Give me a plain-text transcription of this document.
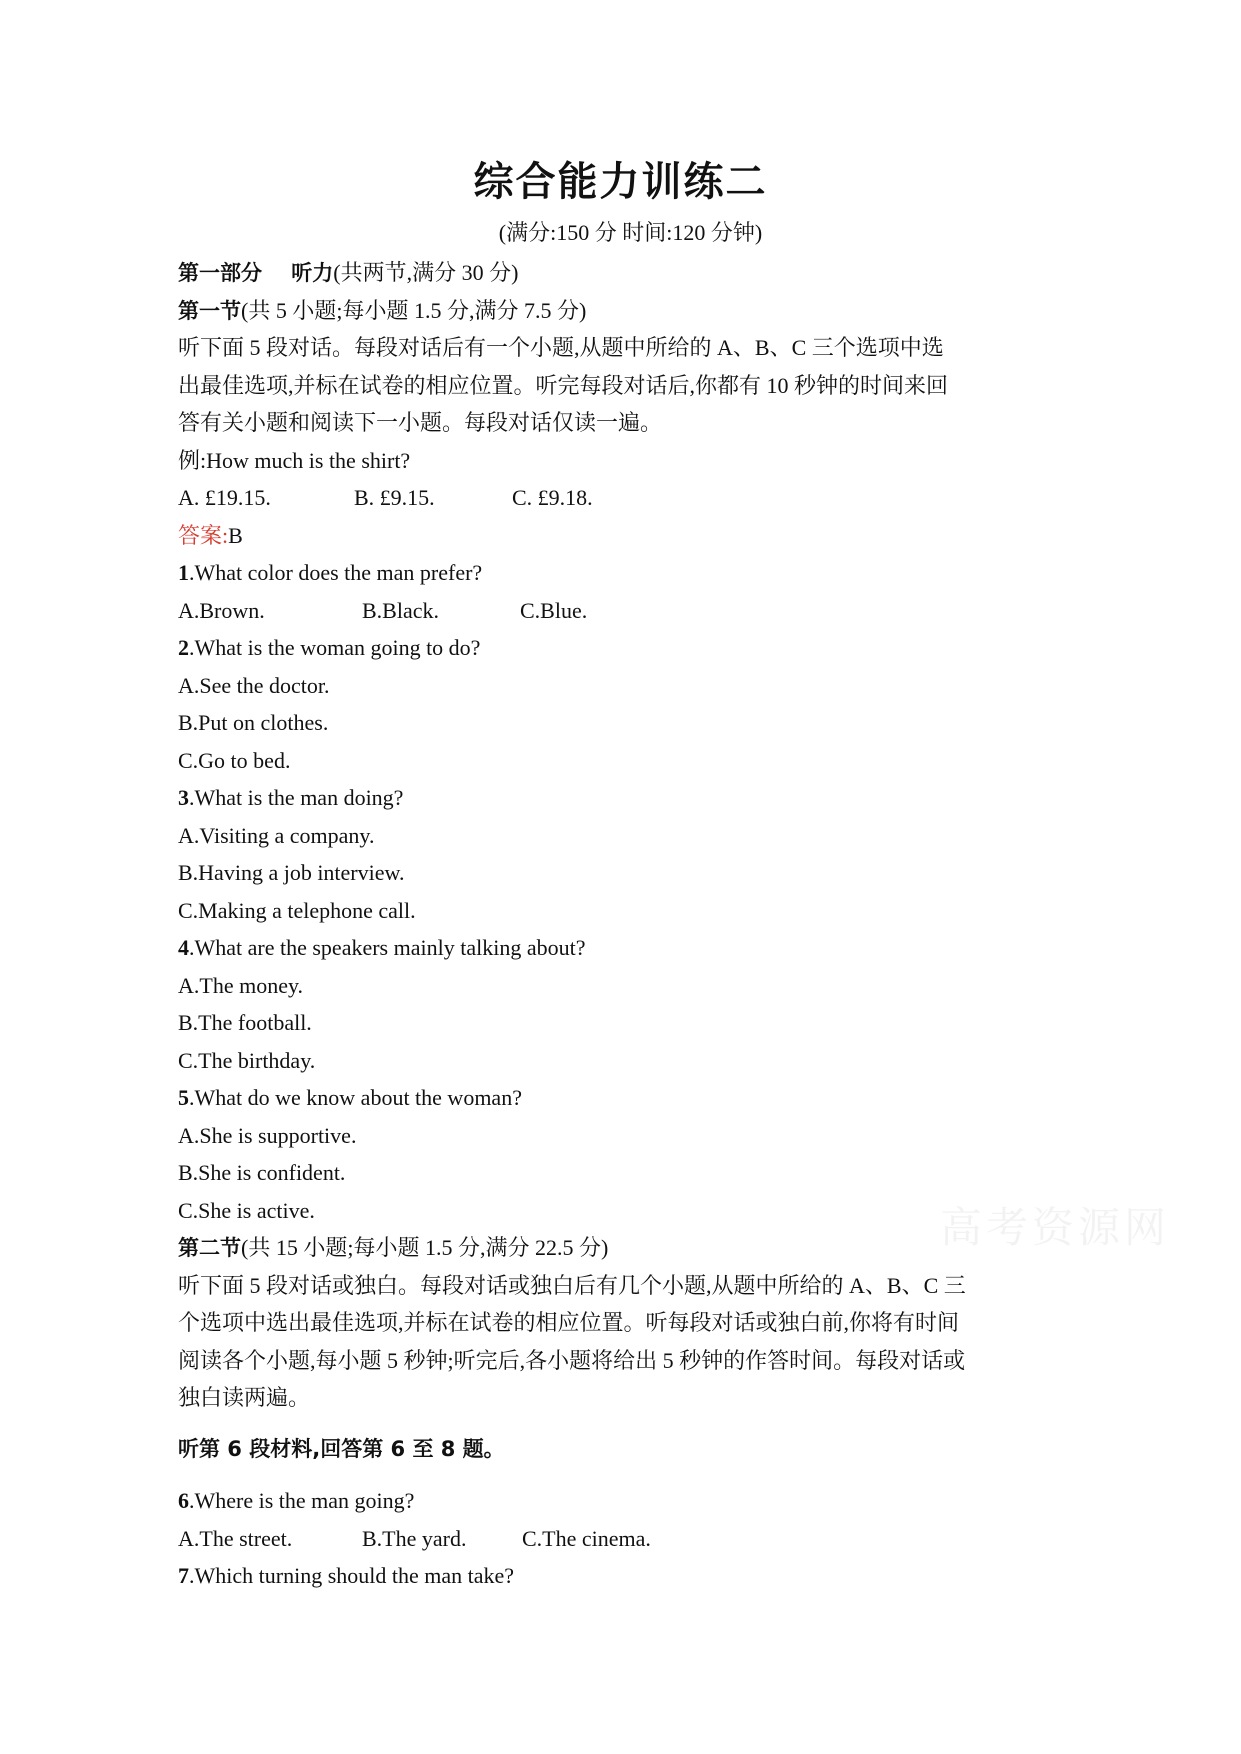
综合能力训练二
(满分:150 分 时间:120 分钟)
第一部分 听力(共两节,满分 30 分)
第一节(共 5 小题;每小题 1.5 分,满分 7.5 分)
听下面 5 段对话。每段对话后有一个小题,从题中所给的 A、B、C 三个选项中选
出最佳选项,并标在试卷的相应位置。听完每段对话后,你都有 10 秒钟的时间来回
答有关小题和阅读下一小题。每段对话仅读一遍。
例:How much is the shirt?
A. £19.15.	B. £9.15.	C. £9.18.
答案:B
1.What color does the man prefer?
A.Brown.	B.Black.	C.Blue.
2.What is the woman going to do?
A.See the doctor.
B.Put on clothes.
C.Go to bed.
3.What is the man doing?
A.Visiting a company.
B.Having a job interview.
C.Making a telephone call.
4.What are the speakers mainly talking about?
A.The money.
B.The football.
C.The birthday.
5.What do we know about the woman?
A.She is supportive.
B.She is confident.
C.She is active.
第二节(共 15 小题;每小题 1.5 分,满分 22.5 分)
听下面 5 段对话或独白。每段对话或独白后有几个小题,从题中所给的 A、B、C 三
个选项中选出最佳选项,并标在试卷的相应位置。听每段对话或独白前,你将有时间
阅读各个小题,每小题 5 秒钟;听完后,各小题将给出 5 秒钟的作答时间。每段对话或
独白读两遍。
听第 6 段材料,回答第 6 至 8 题。
6.Where is the man going?
A.The street.	B.The yard.	C.The cinema.
7.Which turning should the man take?
高考资源网
